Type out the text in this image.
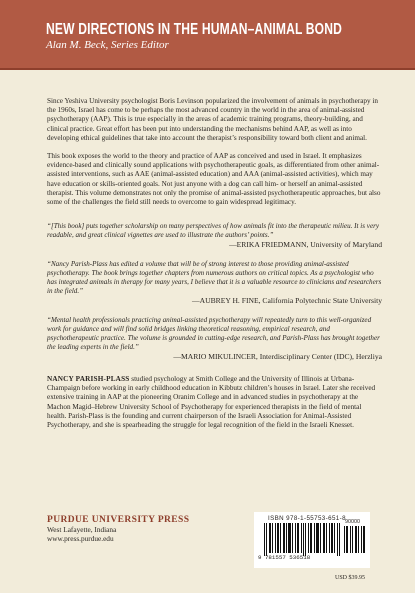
NEW DIRECTIONS IN THE HUMAN–ANIMAL BOND
Alan M. Beck, Series Editor

Since Yeshiva University psychologist Boris Levinson popularized the involvement of animals in psychotherapy in the 1960s, Israel has come to be perhaps the most advanced country in the world in the area of animal-assisted psychotherapy (AAP). This is true especially in the areas of academic training programs, theory-building, and clinical practice. Great effort has been put into understanding the mechanisms behind AAP, as well as into developing ethical guidelines that take into account the therapist’s responsibility toward both client and animal.

This book exposes the world to the theory and practice of AAP as conceived and used in Israel. It emphasizes evidence-based and clinically sound applications with psychotherapeutic goals, as differentiated from other animal-assisted interventions, such as AAE (animal-assisted education) and AAA (animal-assisted activities), which may have education or skills-oriented goals. Not just anyone with a dog can call him- or herself an animal-assisted therapist. This volume demonstrates not only the promise of animal-assisted psychotherapeutic approaches, but also some of the challenges the field still needs to overcome to gain widespread legitimacy.

“[This book] puts together scholarship on many perspectives of how animals fit into the therapeutic milieu. It is very readable, and great clinical vignettes are used to illustrate the authors’ points.”

—ERIKA FRIEDMANN, University of Maryland

“Nancy Parish-Plass has edited a volume that will be of strong interest to those providing animal-assisted psychotherapy. The book brings together chapters from numerous authors on critical topics. As a psychologist who has integrated animals in therapy for many years, I believe that it is a valuable resource to clinicians and researchers in the field.”

—AUBREY H. FINE, California Polytechnic State University

“Mental health professionals practicing animal-assisted psychotherapy will repeatedly turn to this well-organized work for guidance and will find solid bridges linking theoretical reasoning, empirical research, and psychotherapeutic practice. The volume is grounded in cutting-edge research, and Parish-Plass has brought together the leading experts in the field.”

—MARIO MIKULINCER, Interdisciplinary Center (IDC), Herzliya

NANCY PARISH-PLASS studied psychology at Smith College and the University of Illinois at Urbana-Champaign before working in early childhood education in Kibbutz children’s houses in Israel. Later she received extensive training in AAP at the pioneering Oranim College and in advanced studies in psychotherapy at the Machon Magid–Hebrew University School of Psychotherapy for experienced therapists in the field of mental health. Parish-Plass is the founding and current chairperson of the Israeli Association for Animal-Assisted Psychotherapy, and she is spearheading the struggle for legal recognition of the field in the Israeli Knesset.

PURDUE UNIVERSITY PRESS
West Lafayette, Indiana
www.press.purdue.edu
ISBN 978-1-55753-651-8
9 781557 536518
90000
USD $39.95
